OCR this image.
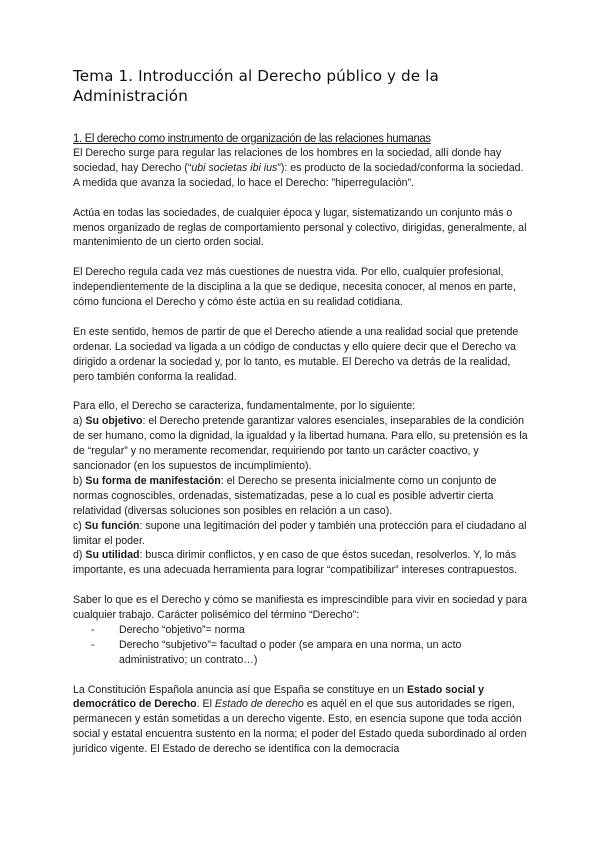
Tema 1. Introducción al Derecho público y de la Administración
1. El derecho como instrumento de organización de las relaciones humanas

El Derecho surge para regular las relaciones de los hombres en la sociedad, allí donde hay sociedad, hay Derecho (“ubi societas ibi ius”): es producto de la sociedad/conforma la sociedad. A medida que avanza la sociedad, lo hace el Derecho: ”hiperregulación”.

Actúa en todas las sociedades, de cualquier época y lugar, sistematizando un conjunto más o menos organizado de reglas de comportamiento personal y colectivo, dirigidas, generalmente, al mantenimiento de un cierto orden social.

El Derecho regula cada vez más cuestiones de nuestra vida. Por ello, cualquier profesional, independientemente de la disciplina a la que se dedique, necesita conocer, al menos en parte, cómo funciona el Derecho y cómo éste actúa en su realidad cotidiana.

En este sentido, hemos de partir de que el Derecho atiende a una realidad social que pretende ordenar. La sociedad va ligada a un código de conductas y ello quiere decir que el Derecho va dirigido a ordenar la sociedad y, por lo tanto, es mutable. El Derecho va detrás de la realidad, pero también conforma la realidad.

Para ello, el Derecho se caracteriza, fundamentalmente, por lo siguiente:

a) Su objetivo: el Derecho pretende garantizar valores esenciales, inseparables de la condición de ser humano, como la dignidad, la igualdad y la libertad humana. Para ello, su pretensión es la de “regular” y no meramente recomendar, requiriendo por tanto un carácter coactivo, y sancionador (en los supuestos de incumplimiento).

b) Su forma de manifestación: el Derecho se presenta inicialmente como un conjunto de normas cognoscibles, ordenadas, sistematizadas, pese a lo cual es posible advertir cierta relatividad (diversas soluciones son posibles en relación a un caso).

c) Su función: supone una legitimación del poder y también una protección para el ciudadano al limitar el poder.

d) Su utilidad: busca dirimir conflictos, y en caso de que éstos sucedan, resolverlos. Y, lo más importante, es una adecuada herramienta para lograr “compatibilizar” intereses contrapuestos.

Saber lo que es el Derecho y cómo se manifiesta es imprescindible para vivir en sociedad y para cualquier trabajo. Carácter polisémico del término “Derecho”:

- Derecho “objetivo”= norma
- Derecho “subjetivo”= facultad o poder (se ampara en una norma, un acto administrativo; un contrato…)

La Constitución Española anuncia así que España se constituye en un Estado social y democrático de Derecho. El Estado de derecho es aquél en el que sus autoridades se rigen, permanecen y están sometidas a un derecho vigente. Esto, en esencia supone que toda acción social y estatal encuentra sustento en la norma; el poder del Estado queda subordinado al orden jurídico vigente. El Estado de derecho se identifica con la democracia
